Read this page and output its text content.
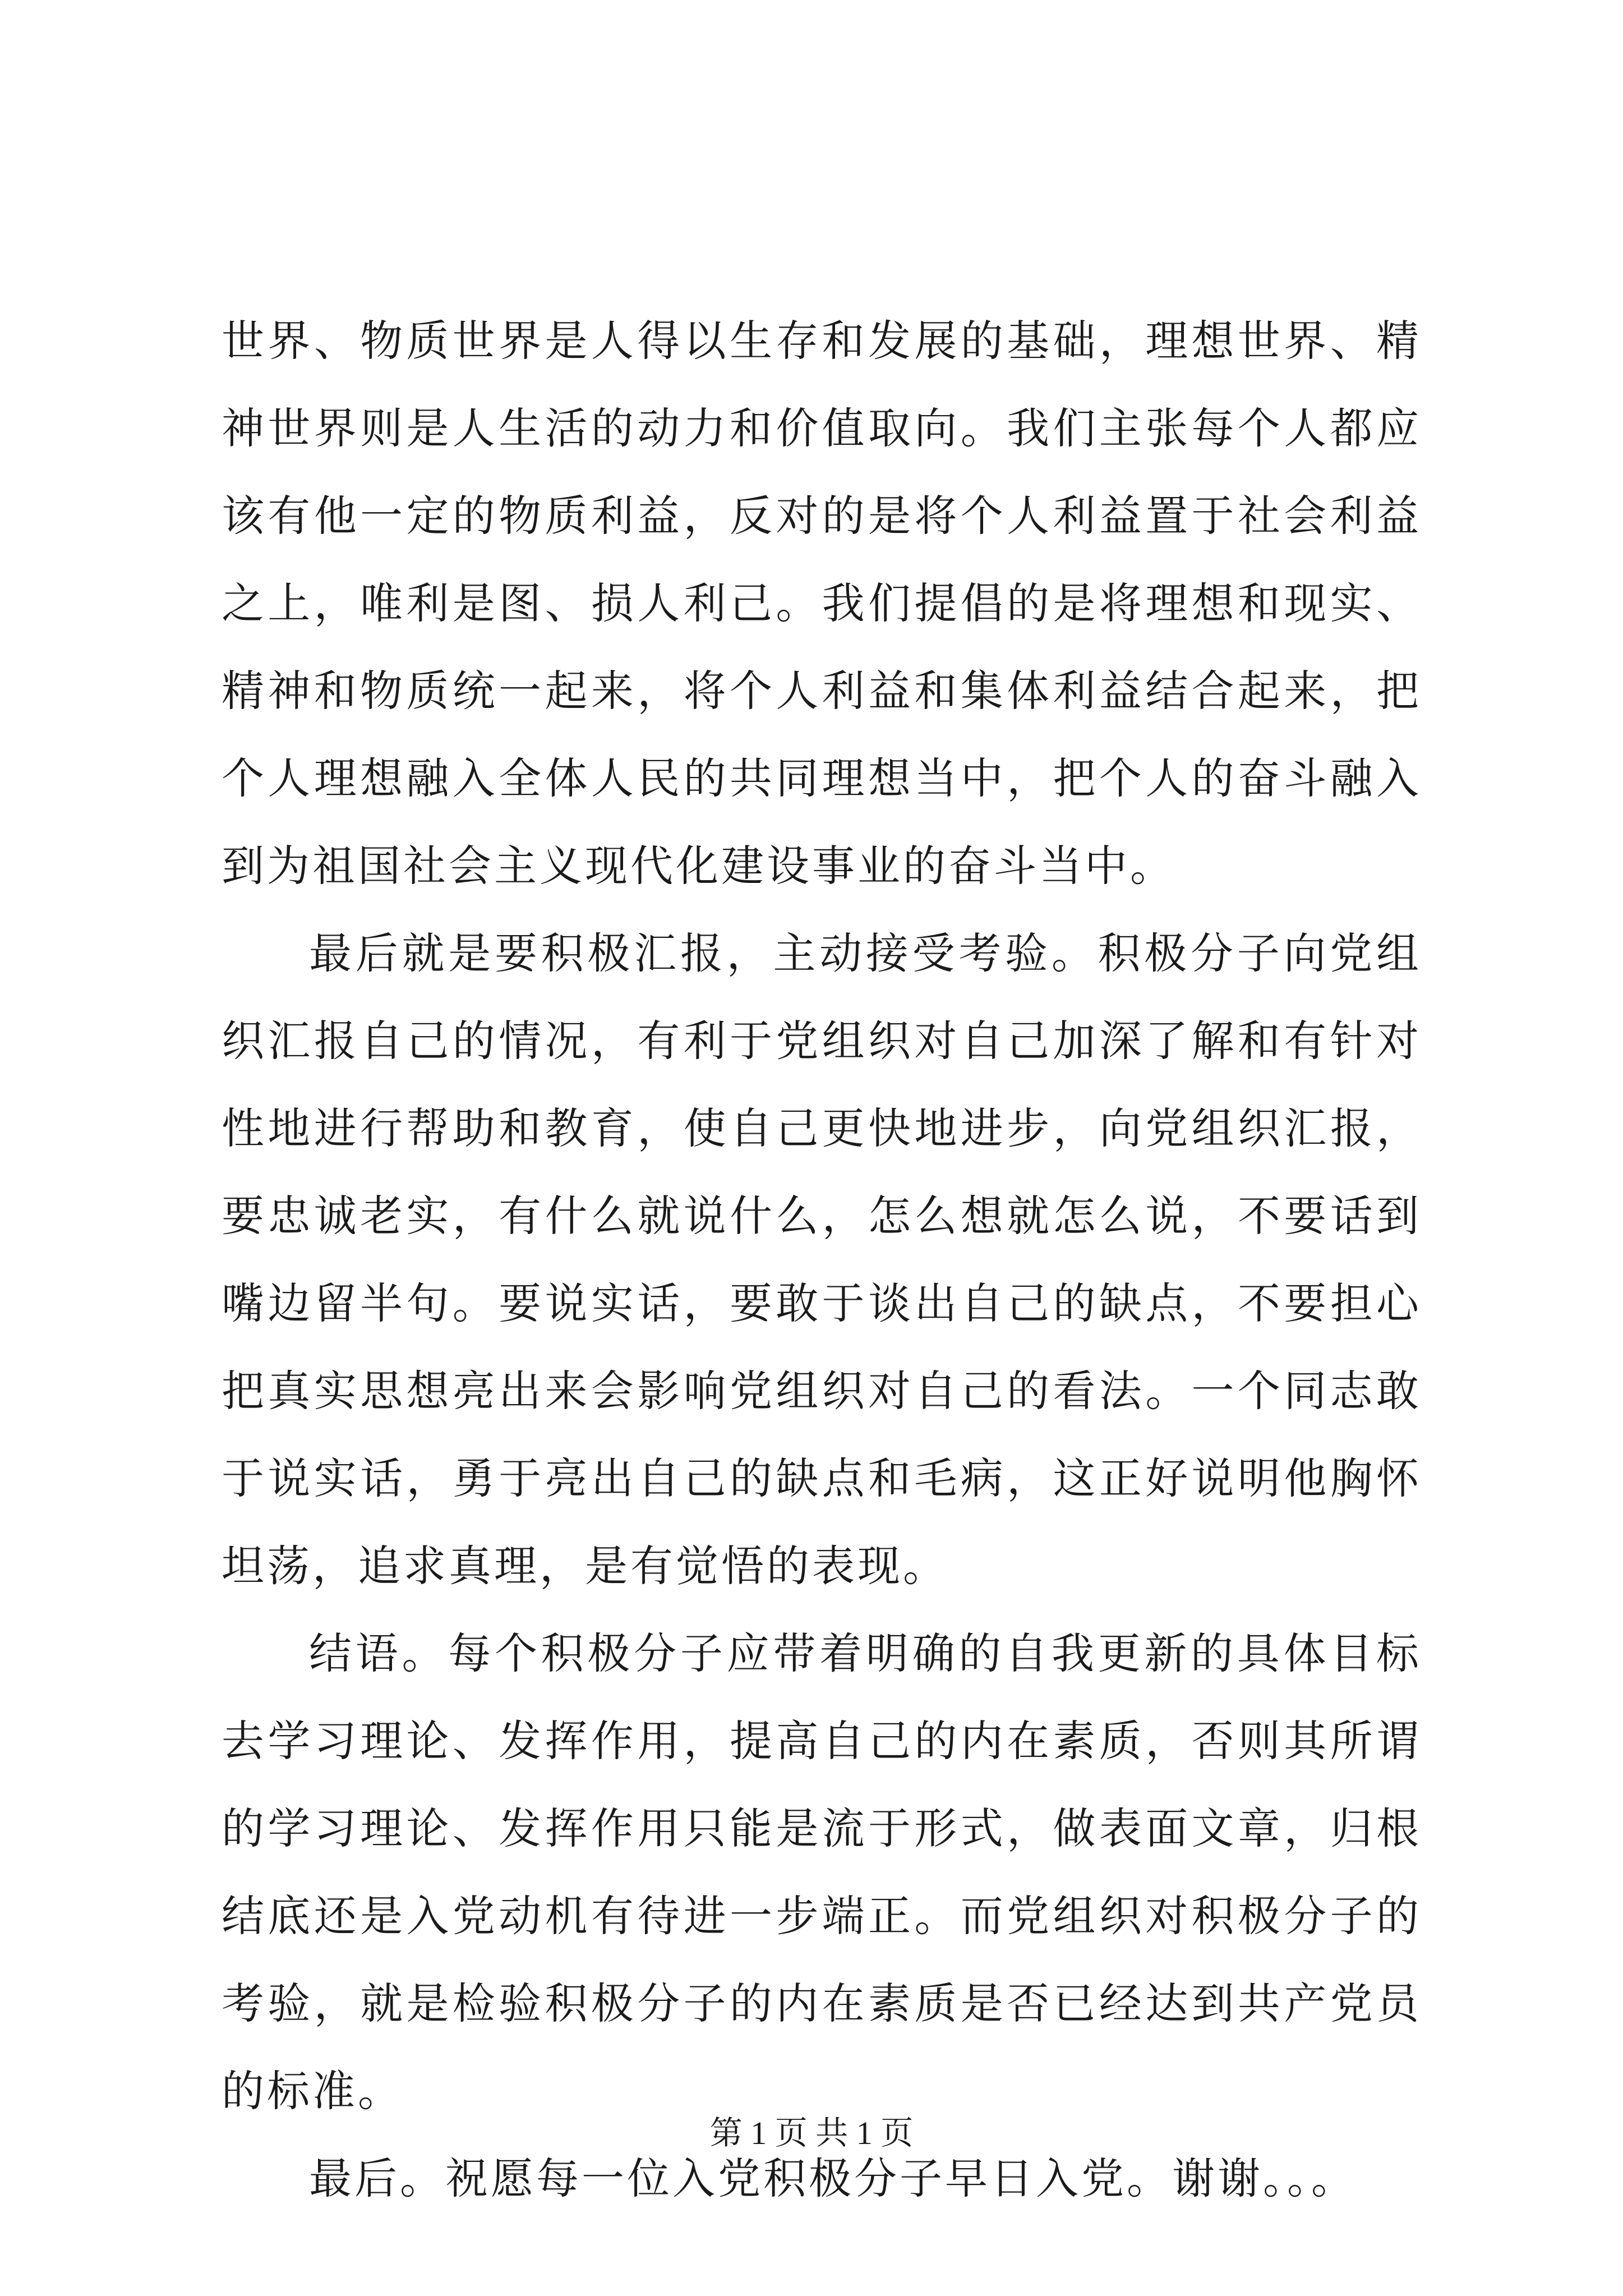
世界、物质世界是人得以生存和发展的基础，理想世界、精神世界则是人生活的动力和价值取向。我们主张每个人都应该有他一定的物质利益，反对的是将个人利益置于社会利益之上，唯利是图、损人利己。我们提倡的是将理想和现实、精神和物质统一起来，将个人利益和集体利益结合起来，把个人理想融入全体人民的共同理想当中，把个人的奋斗融入到为祖国社会主义现代化建设事业的奋斗当中。

最后就是要积极汇报，主动接受考验。积极分子向党组织汇报自己的情况，有利于党组织对自己加深了解和有针对性地进行帮助和教育，使自己更快地进步，向党组织汇报，要忠诚老实，有什么就说什么，怎么想就怎么说，不要话到嘴边留半句。要说实话，要敢于谈出自己的缺点，不要担心把真实思想亮出来会影响党组织对自己的看法。一个同志敢于说实话，勇于亮出自己的缺点和毛病，这正好说明他胸怀坦荡，追求真理，是有觉悟的表现。

结语。每个积极分子应带着明确的自我更新的具体目标去学习理论、发挥作用，提高自己的内在素质，否则其所谓的学习理论、发挥作用只能是流于形式，做表面文章，归根结底还是入党动机有待进一步端正。而党组织对积极分子的考验，就是检验积极分子的内在素质是否已经达到共产党员的标准。

最后。祝愿每一位入党积极分子早日入党。谢谢。。。

第 1 页 共 1 页
